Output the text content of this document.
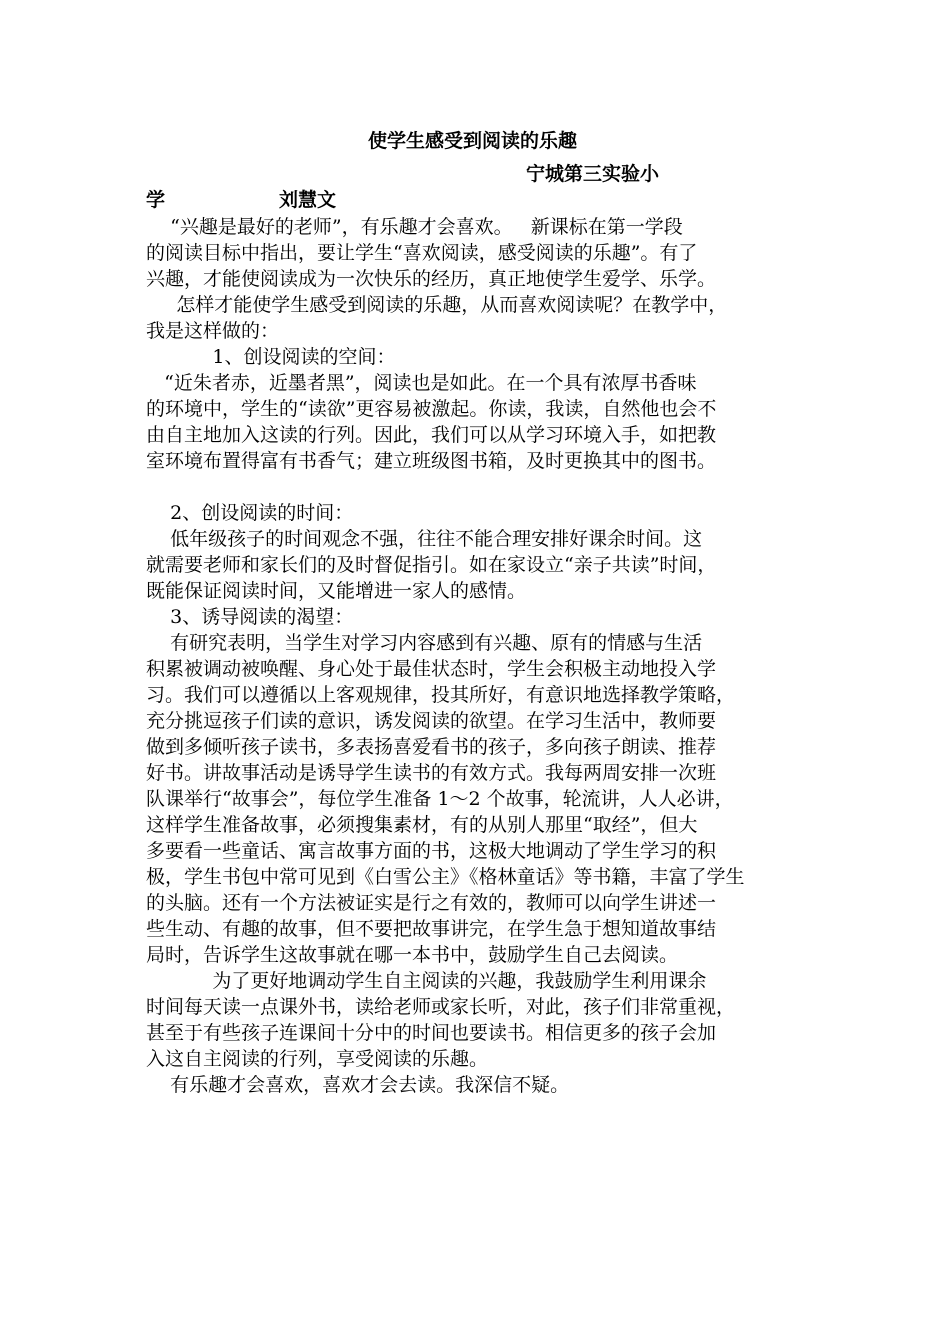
使学生感受到阅读的乐趣
宁城第三实验小
学	刘慧文
“兴趣是最好的老师”，有乐趣才会喜欢。   新课标在第一学段
的阅读目标中指出，要让学生“喜欢阅读，感受阅读的乐趣”。有了
兴趣，才能使阅读成为一次快乐的经历，真正地使学生爱学、乐学。
怎样才能使学生感受到阅读的乐趣，从而喜欢阅读呢？在教学中，
我是这样做的：
1、创设阅读的空间：
“近朱者赤，近墨者黑”，阅读也是如此。在一个具有浓厚书香味
的环境中，学生的“读欲”更容易被激起。你读，我读，自然他也会不
由自主地加入这读的行列。因此，我们可以从学习环境入手，如把教
室环境布置得富有书香气；建立班级图书箱，及时更换其中的图书。
2、创设阅读的时间：
低年级孩子的时间观念不强，往往不能合理安排好课余时间。这
就需要老师和家长们的及时督促指引。如在家设立“亲子共读”时间，
既能保证阅读时间，又能增进一家人的感情。
3、诱导阅读的渴望：
有研究表明，当学生对学习内容感到有兴趣、原有的情感与生活
积累被调动被唤醒、身心处于最佳状态时，学生会积极主动地投入学
习。我们可以遵循以上客观规律，投其所好，有意识地选择教学策略，
充分挑逗孩子们读的意识，诱发阅读的欲望。在学习生活中，教师要
做到多倾听孩子读书，多表扬喜爱看书的孩子，多向孩子朗读、推荐
好书。讲故事活动是诱导学生读书的有效方式。我每两周安排一次班
队课举行“故事会”，每位学生准备 1～2 个故事，轮流讲，人人必讲，
这样学生准备故事，必须搜集素材，有的从别人那里“取经”，但大
多要看一些童话、寓言故事方面的书，这极大地调动了学生学习的积
极，学生书包中常可见到《白雪公主》《格林童话》等书籍，丰富了学生
的头脑。还有一个方法被证实是行之有效的，教师可以向学生讲述一
些生动、有趣的故事，但不要把故事讲完，在学生急于想知道故事结
局时，告诉学生这故事就在哪一本书中，鼓励学生自己去阅读。
为了更好地调动学生自主阅读的兴趣，我鼓励学生利用课余
时间每天读一点课外书，读给老师或家长听，对此，孩子们非常重视，
甚至于有些孩子连课间十分中的时间也要读书。相信更多的孩子会加
入这自主阅读的行列，享受阅读的乐趣。
有乐趣才会喜欢，喜欢才会去读。我深信不疑。
